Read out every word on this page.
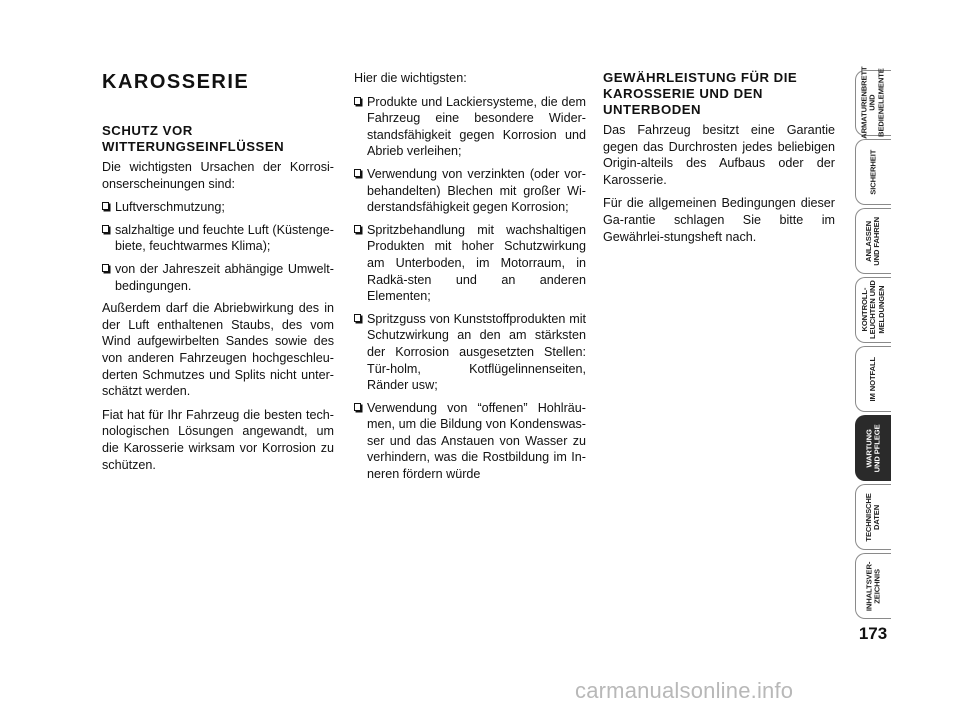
KAROSSERIE
SCHUTZ VOR WITTERUNGSEINFLÜSSEN

Die wichtigsten Ursachen der Korrosi-onserscheinungen sind:

Luftverschmutzung;
salzhaltige und feuchte Luft (Küstenge-biete, feuchtwarmes Klima);
von der Jahreszeit abhängige Umwelt-bedingungen.

Außerdem darf die Abriebwirkung des in der Luft enthaltenen Staubs, des vom Wind aufgewirbelten Sandes sowie des von anderen Fahrzeugen hochgeschleu-derten Schmutzes und Splits nicht unter-schätzt werden.

Fiat hat für Ihr Fahrzeug die besten tech-nologischen Lösungen angewandt, um die Karosserie wirksam vor Korrosion zu schützen.

Hier die wichtigsten:

Produkte und Lackiersysteme, die dem Fahrzeug eine besondere Wider-standsfähigkeit gegen Korrosion und Abrieb verleihen;
Verwendung von verzinkten (oder vor-behandelten) Blechen mit großer Wi-derstandsfähigkeit gegen Korrosion;
Spritzbehandlung mit wachshaltigen Produkten mit hoher Schutzwirkung am Unterboden, im Motorraum, in Radkä-sten und an anderen Elementen;
Spritzguss von Kunststoffprodukten mit Schutzwirkung an den am stärksten der Korrosion ausgesetzten Stellen: Tür-holm, Kotflügelinnenseiten, Ränder usw;
Verwendung von “offenen” Hohlräu-men, um die Bildung von Kondenswas-ser und das Anstauen von Wasser zu verhindern, was die Rostbildung im In-neren fördern würde
GEWÄHRLEISTUNG FÜR DIE KAROSSERIE UND DEN UNTERBODEN

Das Fahrzeug besitzt eine Garantie gegen das Durchrosten jedes beliebigen Origin-alteils des Aufbaus oder der Karosserie.

Für die allgemeinen Bedingungen dieser Ga-rantie schlagen Sie bitte im Gewährlei-stungsheft nach.

ARMATURENBRETT
UND
BEDIENELEMENTE
SICHERHEIT
ANLASSEN
UND FAHREN
KONTROLL-
LEUCHTEN UND
MELDUNGEN
IM NOTFALL
WARTUNG
UND PFLEGE
TECHNISCHE
DATEN
INHALTSVER-
ZEICHNIS
173
carmanualsonline.info
